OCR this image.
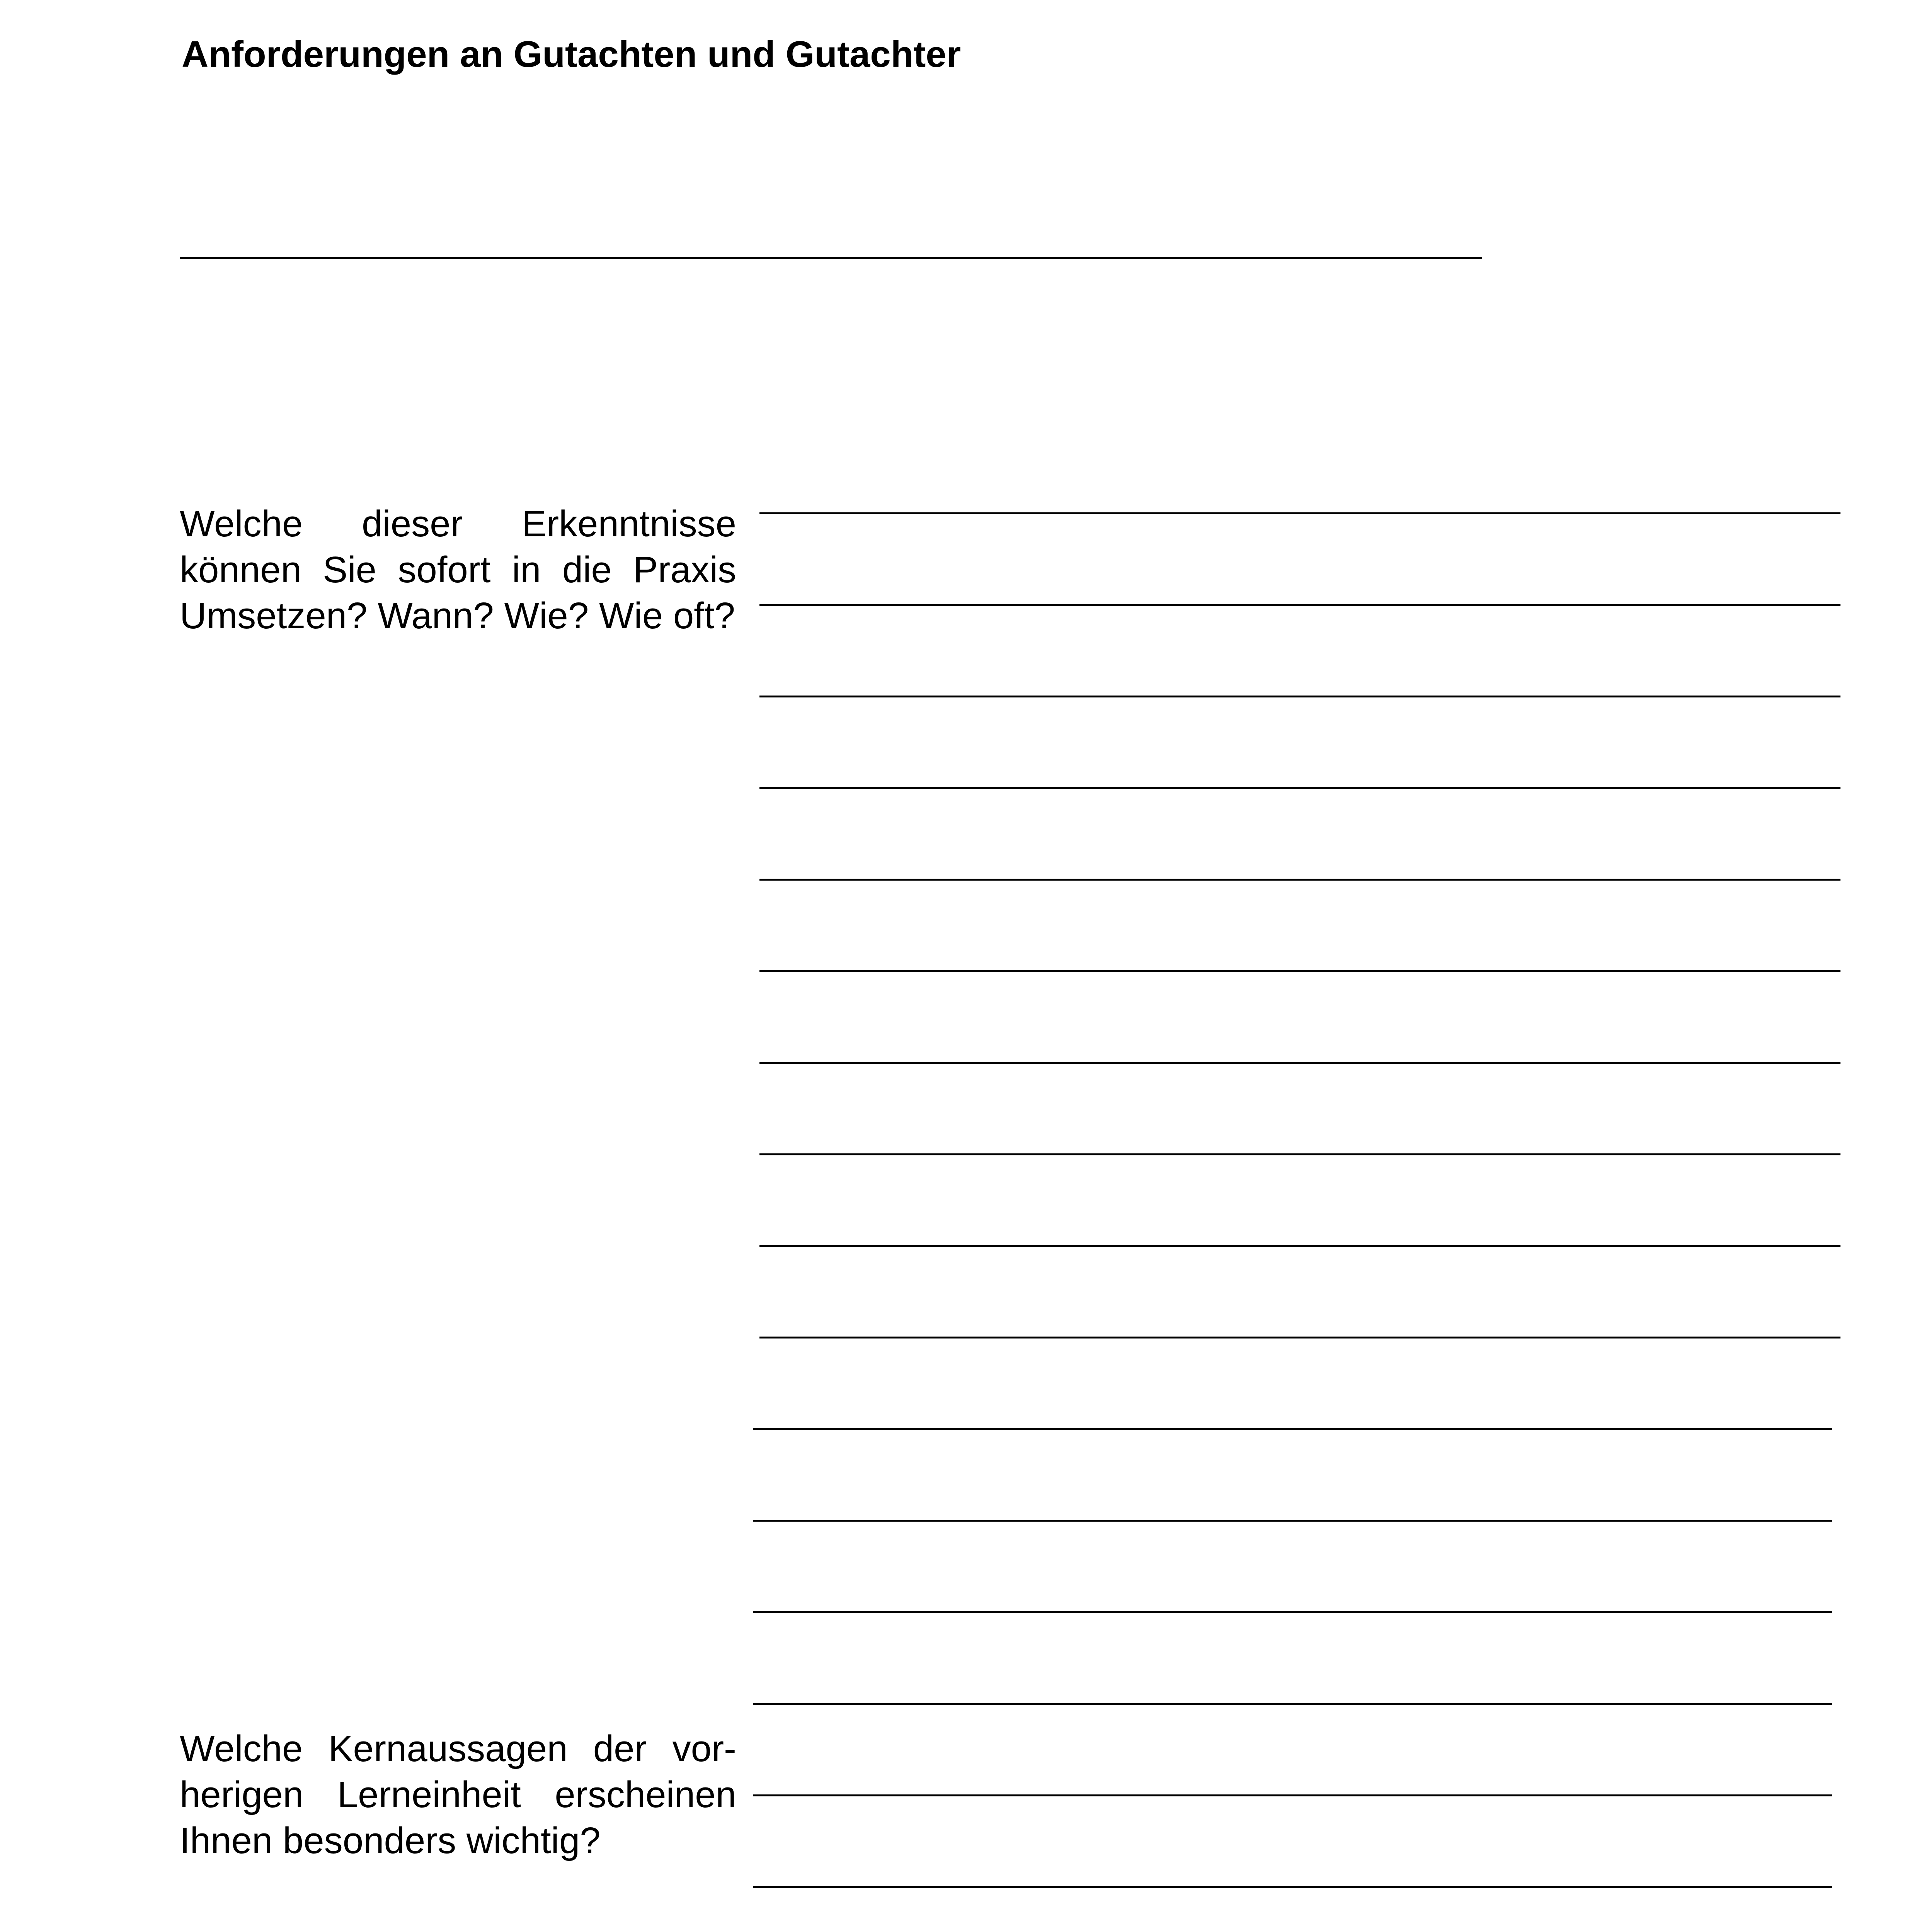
Anforderungen an Gutachten und Gutachter
Welche dieser Erkenntnisse können Sie sofort in die Praxis Umsetzen? Wann? Wie? Wie oft?
Welche Kernaussagen der vor-herigen Lerneinheit erscheinen Ihnen besonders wichtig?
